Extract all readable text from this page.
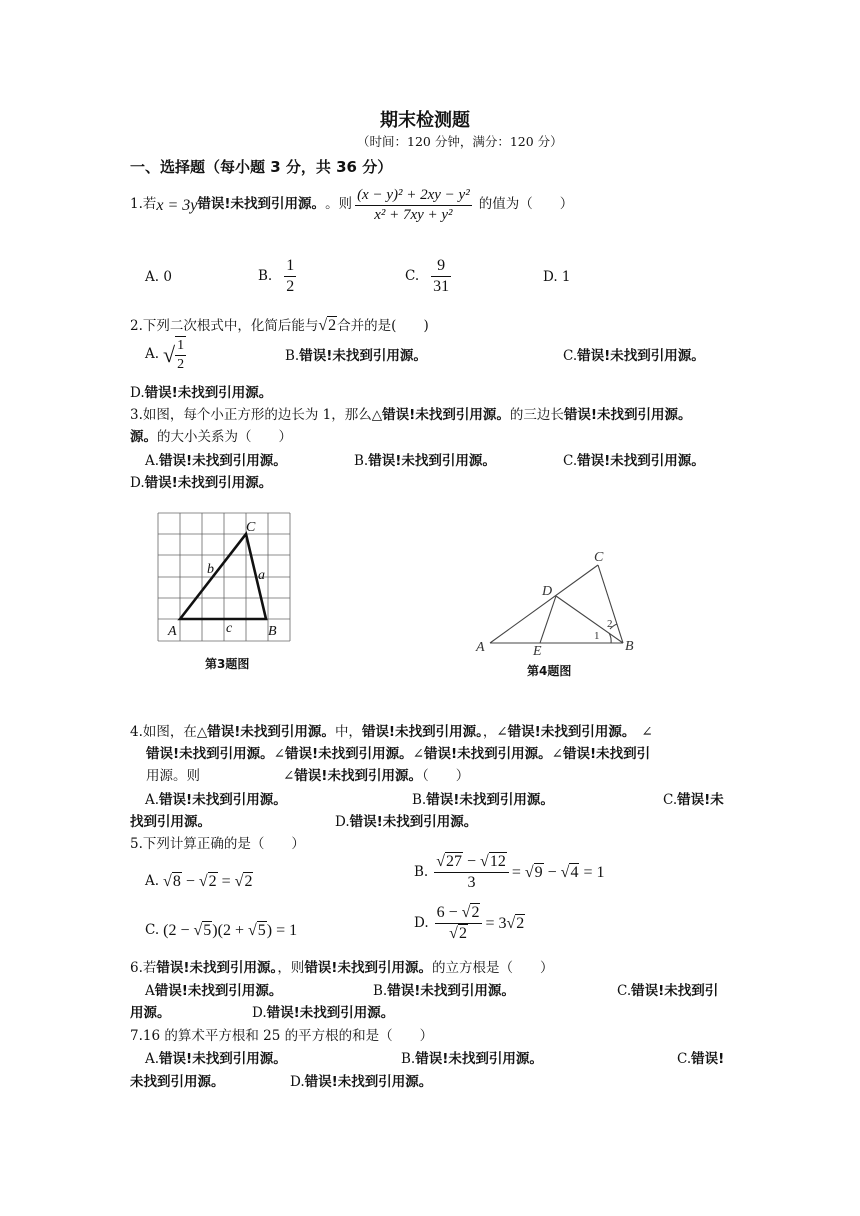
期末检测题
（时间：120 分钟，满分：120 分）
一、选择题（每小题 3 分，共 36 分）
1.若 x = 3y 错误!未找到引用源。 。则 $\frac{\text{(x − y)² + 2xy − y²}}{\text{x² + 7xy + y²}}$ 的值为（　　）
A. 0	B. $\frac{1}{2}$	C. $\frac{9}{31}$	D. 1
2.下列二次根式中，化简后能与√2合并的是(　　)
A. √ $\frac{1}{2}$	B.错误!未找到引用源。	C.错误!未找到引用源。
D.错误!未找到引用源。
3.如图，每个小正方形的边长为 1，那么△错误!未找到引用源。的三边长错误!未找到引用源。
源。的大小关系为（　　）
A.错误!未找到引用源。	B.错误!未找到引用源。	C.错误!未找到引用源。
D.错误!未找到引用源。
C
b	a
A	c	B
第3题图
C
D
A	E	B
1
2
第4题图
4.如图，在△错误!未找到引用源。中，错误!未找到引用源。，∠错误!未找到引用源。 ∠
错误!未找到引用源。∠错误!未找到引用源。∠错误!未找到引用源。∠错误!未找到引
用源。则	∠错误!未找到引用源。（　　）
A.错误!未找到引用源。	B.错误!未找到引用源。	C.错误!未
找到引用源。	D.错误!未找到引用源。
5.下列计算正确的是（　　）
A. √8 − √2 = √2
B. $\frac{√27 - √12}{3} = √9 - √4 = 1$
C. (2 − √5)(2 + √5) = 1	D. $\frac{6 - √2}{√2} = 3√2$
6.若错误!未找到引用源。，则错误!未找到引用源。的立方根是（　　）
A错误!未找到引用源。	B.错误!未找到引用源。	C.错误!未找到引
用源。	D.错误!未找到引用源。
7.16 的算术平方根和 25 的平方根的和是（　　）
A.错误!未找到引用源。	B.错误!未找到引用源。	C.错误!
未找到引用源。	D.错误!未找到引用源。
